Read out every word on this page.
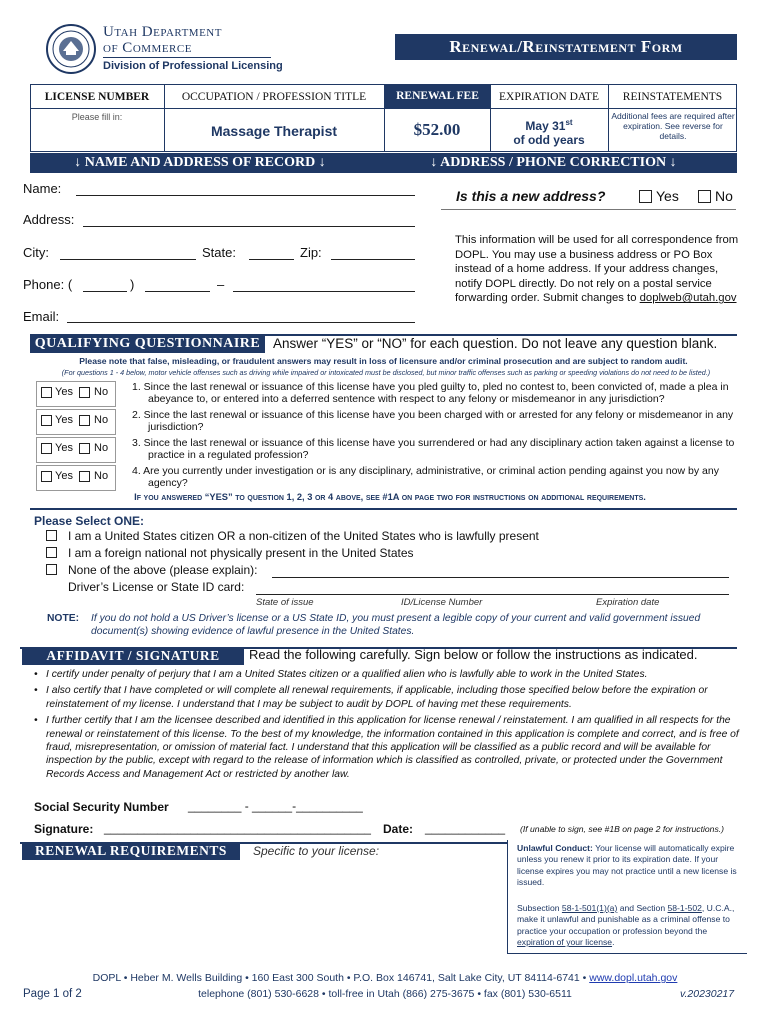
Utah Department
of Commerce
Division of Professional Licensing
Renewal/Reinstatement Form
LICENSE NUMBER	OCCUPATION / PROFESSION TITLE	RENEWAL FEE	EXPIRATION DATE	REINSTATEMENTS
Please fill in:
Massage Therapist	$52.00	May 31st
of odd years
Additional fees are required after expiration. See reverse for details.
↓ NAME AND ADDRESS OF RECORD ↓	↓ ADDRESS / PHONE CORRECTION ↓
Name:
Address:
City:	State:	Zip:
Phone: (	)	–
Email:
Is this a new address?	Yes	No
This information will be used for all correspondence from DOPL. You may use a business address or PO Box instead of a home address. If your address changes, notify DOPL directly. Do not rely on a postal service forwarding order. Submit changes to doplweb@utah.gov
QUALIFYING QUESTIONNAIRE Answer “YES” or “NO” for each question. Do not leave any question blank.
Please note that false, misleading, or fraudulent answers may result in loss of licensure and/or criminal prosecution and are subject to random audit.
(For questions 1 - 4 below, motor vehicle offenses such as driving while impaired or intoxicated must be disclosed, but minor traffic offenses such as parking or speeding violations do not need to be listed.)
Yes No 1. Since the last renewal or issuance of this license have you pled guilty to, pled no contest to, been convicted of, made a plea in abeyance to, or entered into a deferred sentence with respect to any felony or misdemeanor in any jurisdiction?
Yes No 2. Since the last renewal or issuance of this license have you been charged with or arrested for any felony or misdemeanor in any jurisdiction?
Yes No 3. Since the last renewal or issuance of this license have you surrendered or had any disciplinary action taken against a license to practice in a regulated profession?
Yes No 4. Are you currently under investigation or is any disciplinary, administrative, or criminal action pending against you now by any agency?
If you answered “YES” to question 1, 2, 3 or 4 above, see #1A on page two for instructions on additional requirements.
Please Select ONE:
I am a United States citizen OR a non-citizen of the United States who is lawfully present
I am a foreign national not physically present in the United States
None of the above (please explain):
Driver’s License or State ID card:
State of issue	ID/License Number	Expiration date
NOTE: If you do not hold a US Driver’s license or a US State ID, you must present a legible copy of your current and valid government issued document(s) showing evidence of lawful presence in the United States.
AFFIDAVIT / SIGNATURE	Read the following carefully. Sign below or follow the instructions as indicated.
• I certify under penalty of perjury that I am a United States citizen or a qualified alien who is lawfully able to work in the United States.
• I also certify that I have completed or will complete all renewal requirements, if applicable, including those specified below before the expiration or reinstatement of my license. I understand that I may be subject to audit by DOPL of having met these requirements.
• I further certify that I am the licensee described and identified in this application for license renewal / reinstatement. I am qualified in all respects for the renewal or reinstatement of this license. To the best of my knowledge, the information contained in this application is complete and correct, and is free of fraud, misrepresentation, or omission of material fact. I understand that this application will be classified as a public record and will be available for inspection by the public, except with regard to the release of information which is classified as controlled, private, or protected under the Government Records Access and Management Act or restricted by another law.
Social Security Number ________ - ______-__________
Signature: ________________________________________ Date: ____________ (If unable to sign, see #1B on page 2 for instructions.)
RENEWAL REQUIREMENTS	Specific to your license:	Unlawful Conduct: Your license will automatically expire unless you renew it prior to its expiration date. If your license expires you may not practice until a new license is issued.
Subsection 58-1-501(1)(a) and Section 58-1-502, U.C.A., make it unlawful and punishable as a criminal offense to practice your occupation or profession beyond the expiration of your license.
DOPL • Heber M. Wells Building • 160 East 300 South • P.O. Box 146741, Salt Lake City, UT 84114-6741 • www.dopl.utah.gov
telephone (801) 530-6628 • toll-free in Utah (866) 275-3675 • fax (801) 530-6511
Page 1 of 2	v.20230217
